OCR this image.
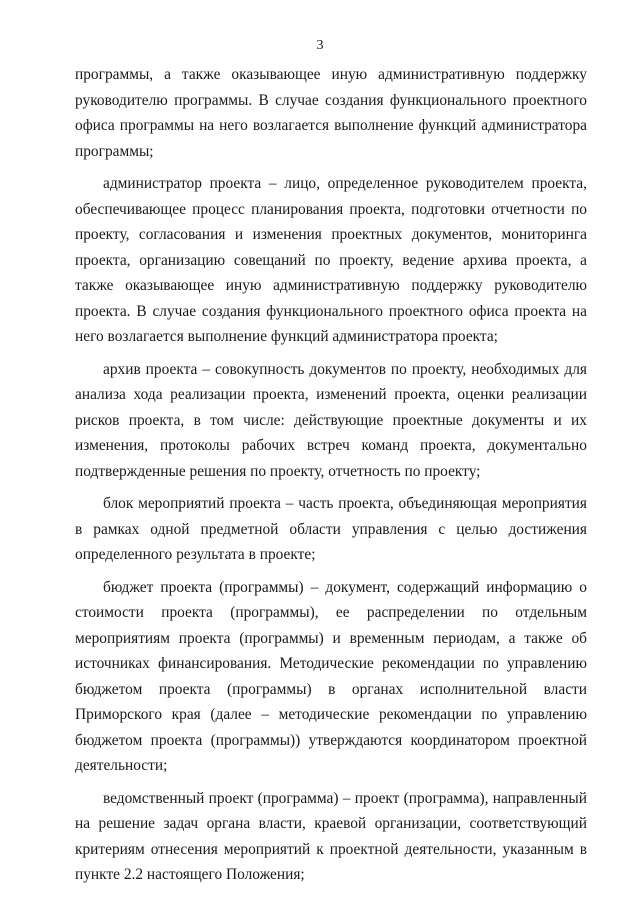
3

программы, а также оказывающее иную административную поддержку руководителю программы. В случае создания функционального проектного офиса программы на него возлагается выполнение функций администратора программы;

администратор проекта – лицо, определенное руководителем проекта, обеспечивающее процесс планирования проекта, подготовки отчетности по проекту, согласования и изменения проектных документов, мониторинга проекта, организацию совещаний по проекту, ведение архива проекта, а также оказывающее иную административную поддержку руководителю проекта. В случае создания функционального проектного офиса проекта на него возлагается выполнение функций администратора проекта;

архив проекта – совокупность документов по проекту, необходимых для анализа хода реализации проекта, изменений проекта, оценки реализации рисков проекта, в том числе: действующие проектные документы и их изменения, протоколы рабочих встреч команд проекта, документально подтвержденные решения по проекту, отчетность по проекту;

блок мероприятий проекта – часть проекта, объединяющая мероприятия в рамках одной предметной области управления с целью достижения определенного результата в проекте;

бюджет проекта (программы) – документ, содержащий информацию о стоимости проекта (программы), ее распределении по отдельным мероприятиям проекта (программы) и временным периодам, а также об источниках финансирования. Методические рекомендации по управлению бюджетом проекта (программы) в органах исполнительной власти Приморского края (далее – методические рекомендации по управлению бюджетом проекта (программы)) утверждаются координатором проектной деятельности;

ведомственный проект (программа) – проект (программа), направленный на решение задач органа власти, краевой организации, соответствующий критериям отнесения мероприятий к проектной деятельности, указанным в пункте 2.2 настоящего Положения;
